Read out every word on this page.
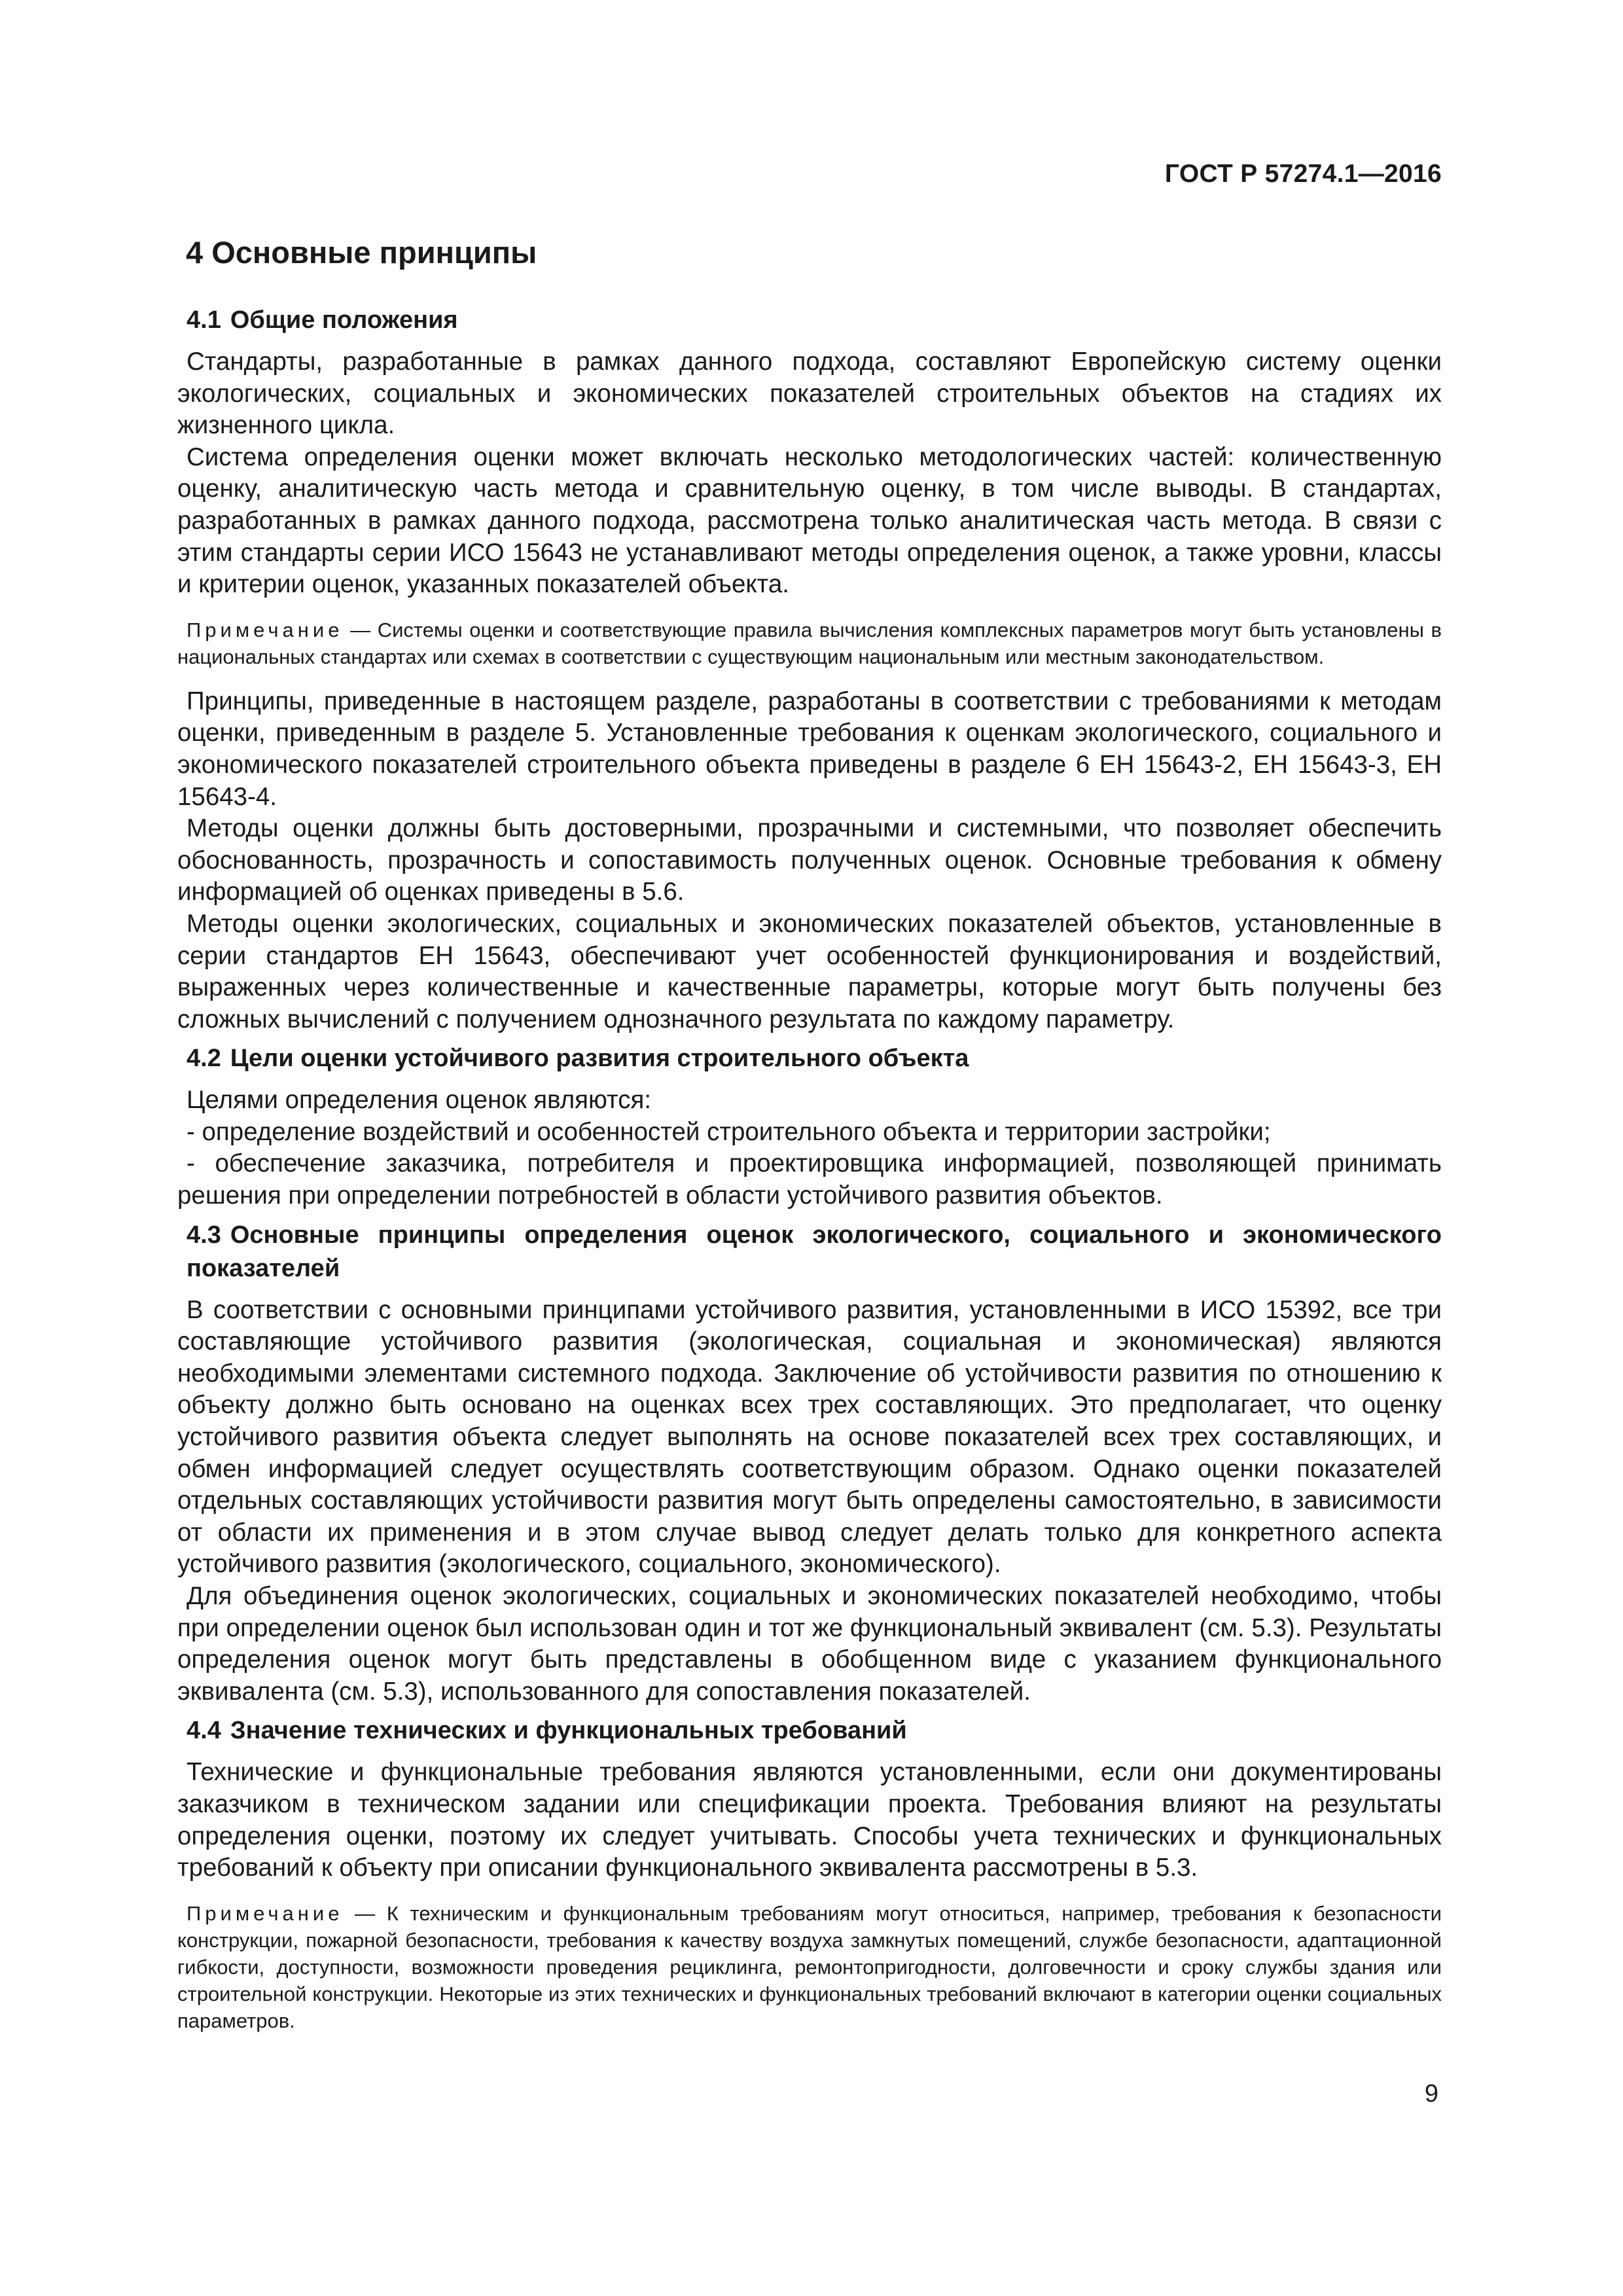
ГОСТ Р 57274.1—2016
4 Основные принципы
4.1 Общие положения

Стандарты, разработанные в рамках данного подхода, составляют Европейскую систему оценки экологических, социальных и экономических показателей строительных объектов на стадиях их жизненного цикла.

Система определения оценки может включать несколько методологических частей: количественную оценку, аналитическую часть метода и сравнительную оценку, в том числе выводы. В стандартах, разработанных в рамках данного подхода, рассмотрена только аналитическая часть метода. В связи с этим стандарты серии ИСО 15643 не устанавливают методы определения оценок, а также уровни, классы и критерии оценок, указанных показателей объекта.

Примечание — Системы оценки и соответствующие правила вычисления комплексных параметров могут быть установлены в национальных стандартах или схемах в соответствии с существующим национальным или местным законодательством.

Принципы, приведенные в настоящем разделе, разработаны в соответствии с требованиями к методам оценки, приведенным в разделе 5. Установленные требования к оценкам экологического, социального и экономического показателей строительного объекта приведены в разделе 6 ЕН 15643-2, ЕН 15643-3, ЕН 15643-4.

Методы оценки должны быть достоверными, прозрачными и системными, что позволяет обеспечить обоснованность, прозрачность и сопоставимость полученных оценок. Основные требования к обмену информацией об оценках приведены в 5.6.

Методы оценки экологических, социальных и экономических показателей объектов, установленные в серии стандартов ЕН 15643, обеспечивают учет особенностей функционирования и воздействий, выраженных через количественные и качественные параметры, которые могут быть получены без сложных вычислений с получением однозначного результата по каждому параметру.

4.2 Цели оценки устойчивого развития строительного объекта

Целями определения оценок являются:

- определение воздействий и особенностей строительного объекта и территории застройки;

- обеспечение заказчика, потребителя и проектировщика информацией, позволяющей принимать решения при определении потребностей в области устойчивого развития объектов.

4.3 Основные принципы определения оценок экологического, социального и экономического показателей

В соответствии с основными принципами устойчивого развития, установленными в ИСО 15392, все три составляющие устойчивого развития (экологическая, социальная и экономическая) являются необходимыми элементами системного подхода. Заключение об устойчивости развития по отношению к объекту должно быть основано на оценках всех трех составляющих. Это предполагает, что оценку устойчивого развития объекта следует выполнять на основе показателей всех трех составляющих, и обмен информацией следует осуществлять соответствующим образом. Однако оценки показателей отдельных составляющих устойчивости развития могут быть определены самостоятельно, в зависимости от области их применения и в этом случае вывод следует делать только для конкретного аспекта устойчивого развития (экологического, социального, экономического).

Для объединения оценок экологических, социальных и экономических показателей необходимо, чтобы при определении оценок был использован один и тот же функциональный эквивалент (см. 5.3). Результаты определения оценок могут быть представлены в обобщенном виде с указанием функционального эквивалента (см. 5.3), использованного для сопоставления показателей.

4.4 Значение технических и функциональных требований

Технические и функциональные требования являются установленными, если они документированы заказчиком в техническом задании или спецификации проекта. Требования влияют на результаты определения оценки, поэтому их следует учитывать. Способы учета технических и функциональных требований к объекту при описании функционального эквивалента рассмотрены в 5.3.

Примечание — К техническим и функциональным требованиям могут относиться, например, требования к безопасности конструкции, пожарной безопасности, требования к качеству воздуха замкнутых помещений, службе безопасности, адаптационной гибкости, доступности, возможности проведения рециклинга, ремонтопригодности, долговечности и сроку службы здания или строительной конструкции. Некоторые из этих технических и функциональных требований включают в категории оценки социальных параметров.
9
